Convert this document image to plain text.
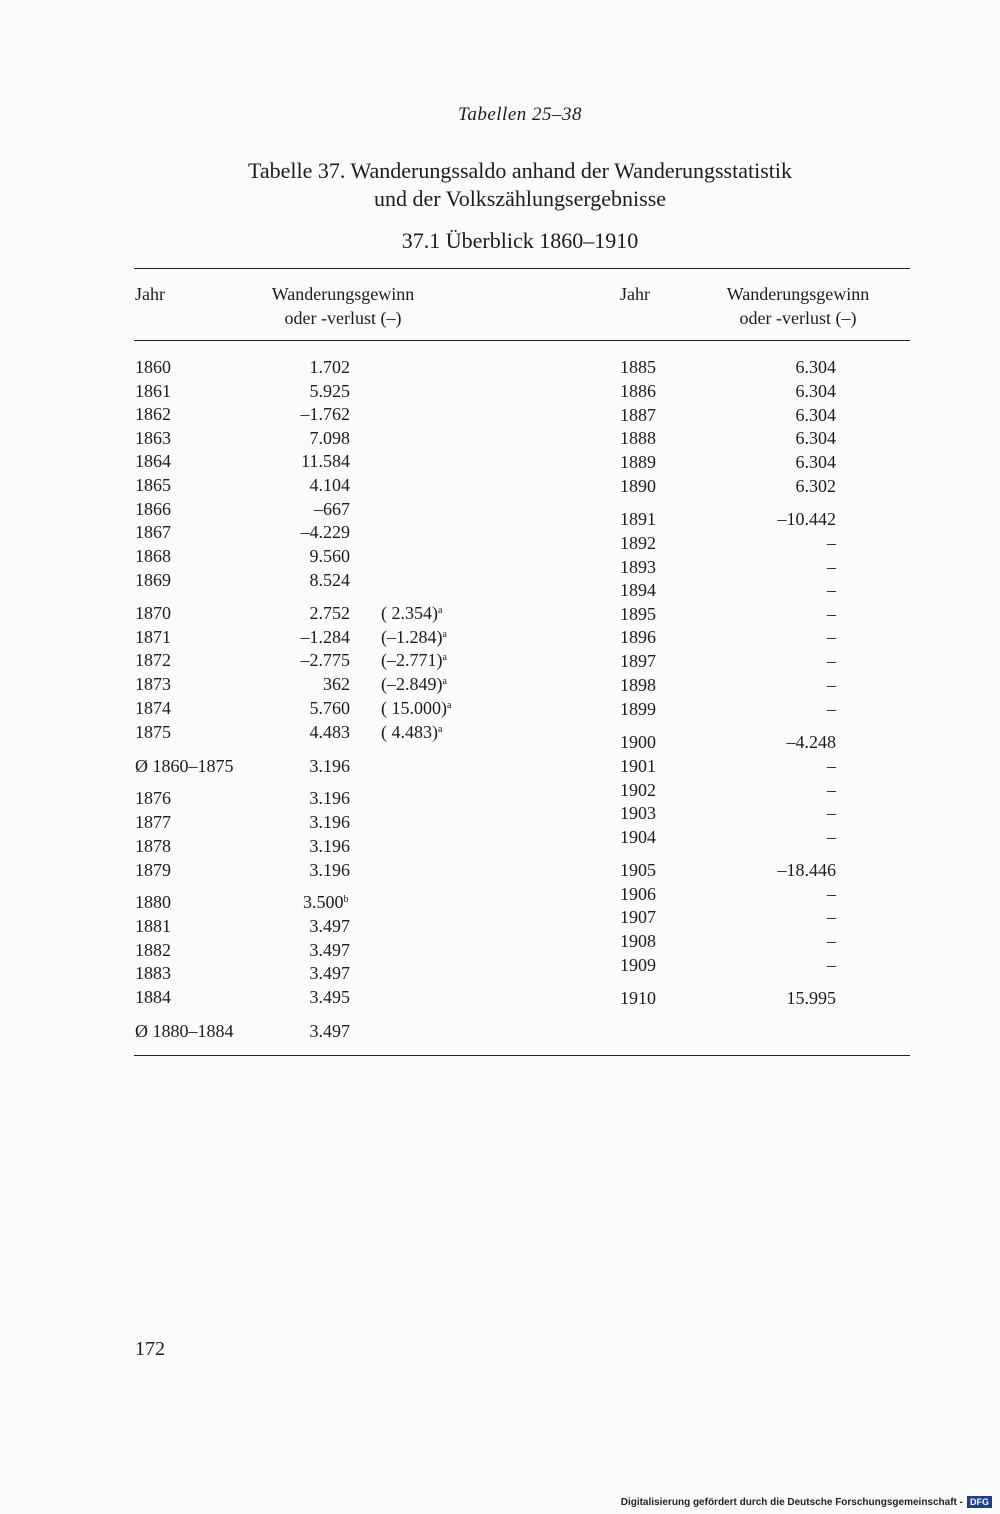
Tabellen 25–38
Tabelle 37. Wanderungssaldo anhand der Wanderungsstatistik
und der Volkszählungsergebnisse
37.1 Überblick 1860–1910
Jahr	Wanderungsgewinn
oder -verlust (–)
Jahr	Wanderungsgewinn
oder -verlust (–)
1860	1.702
1861	5.925
1862	–1.762
1863	7.098
1864	11.584
1865	4.104
1866	–667
1867	–4.229
1868	9.560
1869	8.524
1870	2.752 ( 2.354)$^a$
1871	–1.284 $(-1.284)^a$
1872	–2.775 $(-2.771)^a$
1873	362 $(-2.849)^a$
1874	5.760 ( 15.000)$^a$
1875	4.483 ( 4.483)$^a$
Ø 1860–1875	3.196
1876	3.196
1877	3.196
1878	3.196
1879	3.196
1880	3.500$^b$
1881	3.497
1882	3.497
1883	3.497
1884	3.495
Ø 1880–1884	3.497
1885	6.304
1886	6.304
1887	6.304
1888	6.304
1889	6.304
1890	6.302
1891	–10.442
1892	–
1893	–
1894	–
1895	–
1896	–
1897	–
1898	–
1899	–
1900	–4.248
1901	–
1902	–
1903	–
1904	–
1905	–18.446
1906	–
1907	–
1908	–
1909	–
1910	15.995
172
Digitalisierung gefördert durch die Deutsche Forschungsgemeinschaft - DFG
